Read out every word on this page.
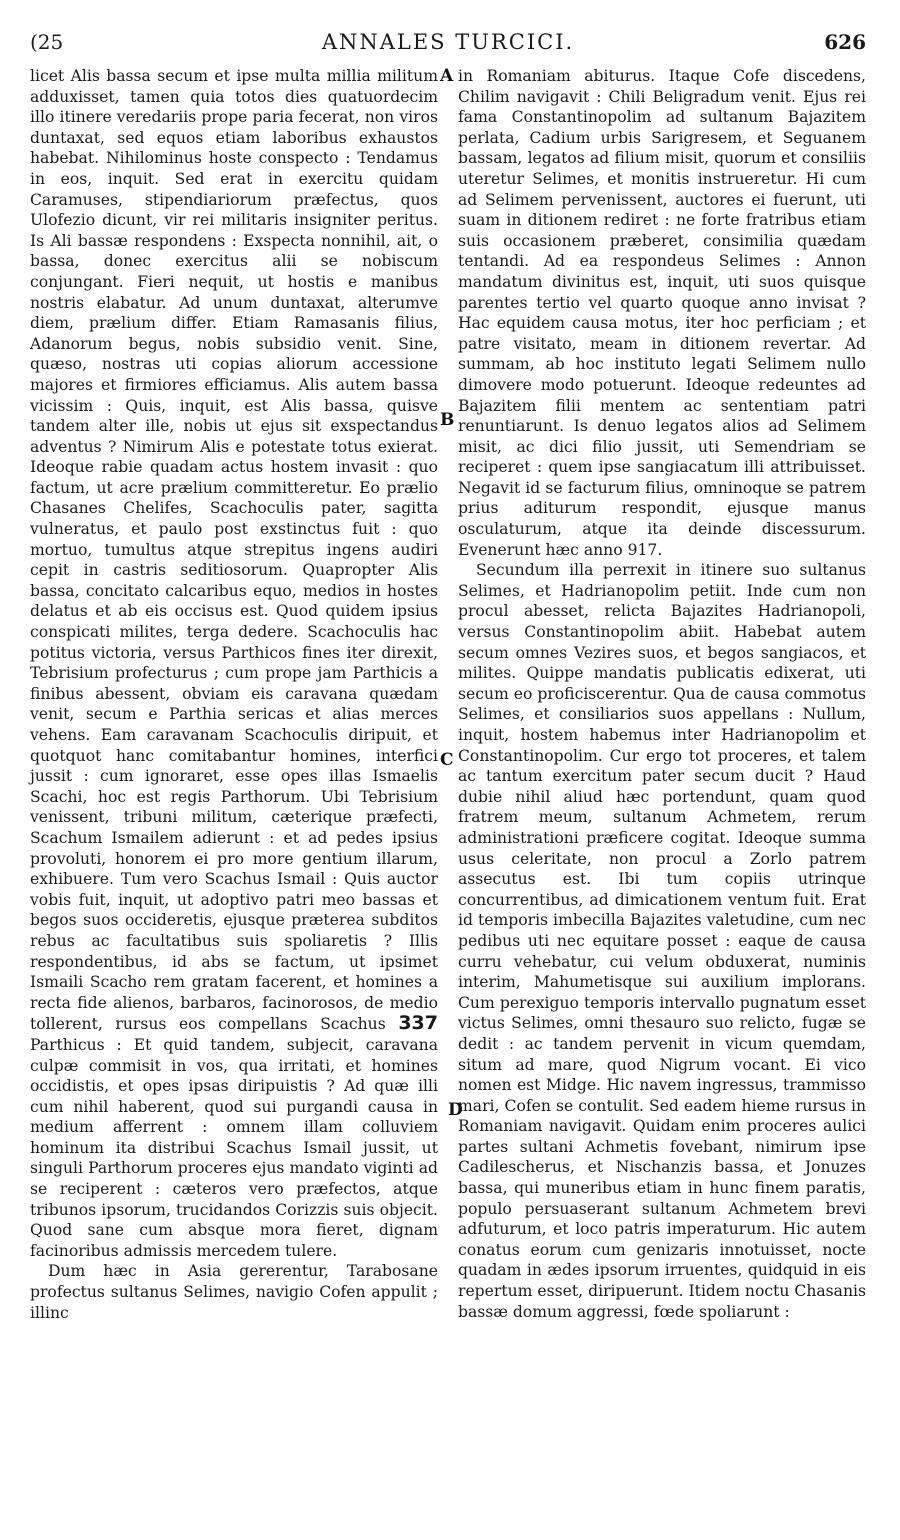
(25	ANNALES TURCICI.	626
A
B
C
D

licet Alis bassa secum et ipse multa millia militum adduxisset, tamen quia totos dies quatuordecim illo itinere veredariis prope paria fecerat, non viros duntaxat, sed equos etiam laboribus exhaustos habebat. Nihilominus hoste conspecto : Tendamus in eos, inquit. Sed erat in exercitu quidam Caramuses, stipendiariorum præfectus, quos Ulofezio dicunt, vir rei militaris insigniter peritus. Is Ali bassæ respondens : Exspecta nonnihil, ait, o bassa, donec exercitus alii se nobiscum conjungant. Fieri nequit, ut hostis e manibus nostris elabatur. Ad unum duntaxat, alterumve diem, prælium differ. Etiam Ramasanis filius, Adanorum begus, nobis subsidio venit. Sine, quæso, nostras uti copias aliorum accessione majores et firmiores efficiamus. Alis autem bassa vicissim : Quis, inquit, est Alis bassa, quisve tandem alter ille, nobis ut ejus sit exspectandus adventus ? Nimirum Alis e potestate totus exierat. Ideoque rabie quadam actus hostem invasit : quo factum, ut acre prælium committeretur. Eo prælio Chasanes Chelifes, Scachoculis pater, sagitta vulneratus, et paulo post exstinctus fuit : quo mortuo, tumultus atque strepitus ingens audiri cepit in castris seditiosorum. Quapropter Alis bassa, concitato calcaribus equo, medios in hostes delatus et ab eis occisus est. Quod quidem ipsius conspicati milites, terga dedere. Scachoculis hac potitus victoria, versus Parthicos fines iter direxit, Tebrisium profecturus ; cum prope jam Parthicis a finibus abessent, obviam eis caravana quædam venit, secum e Parthia sericas et alias merces vehens. Eam caravanam Scachoculis diripuit, et quotquot hanc comitabantur homines, interfici jussit : cum ignoraret, esse opes illas Ismaelis Scachi, hoc est regis Parthorum. Ubi Tebrisium venissent, tribuni militum, cæterique præfecti, Scachum Ismailem adierunt : et ad pedes ipsius provoluti, honorem ei pro more gentium illarum, exhibuere. Tum vero Scachus Ismail : Quis auctor vobis fuit, inquit, ut adoptivo patri meo bassas et begos suos occideretis, ejusque præterea subditos rebus ac facultatibus suis spoliaretis ? Illis respondentibus, id abs se factum, ut ipsimet Ismaili Scacho rem gratam facerent, et homines a recta fide alienos, barbaros, facinorosos, de medio tollerent, rursus eos compellans Scachus 337 Parthicus : Et quid tandem, subjecit, caravana culpæ commisit in vos, qua irritati, et homines occidistis, et opes ipsas diripuistis ? Ad quæ illi cum nihil haberent, quod sui purgandi causa in medium afferrent : omnem illam colluviem hominum ita distribui Scachus Ismail jussit, ut singuli Parthorum proceres ejus mandato viginti ad se reciperent : cæteros vero præfectos, atque tribunos ipsorum, trucidandos Corizzis suis objecit. Quod sane cum absque mora fieret, dignam facinoribus admissis mercedem tulere.

Dum hæc in Asia gererentur, Tarabosane profectus sultanus Selimes, navigio Cofen appulit ; illinc

in Romaniam abiturus. Itaque Cofe discedens, Chilim navigavit : Chili Beligradum venit. Ejus rei fama Constantinopolim ad sultanum Bajazitem perlata, Cadium urbis Sarigresem, et Seguanem bassam, legatos ad filium misit, quorum et consiliis uteretur Selimes, et monitis instrueretur. Hi cum ad Selimem pervenissent, auctores ei fuerunt, uti suam in ditionem rediret : ne forte fratribus etiam suis occasionem præberet, consimilia quædam tentandi. Ad ea respondeus Selimes : Annon mandatum divinitus est, inquit, uti suos quisque parentes tertio vel quarto quoque anno invisat ? Hac equidem causa motus, iter hoc perficiam ; et patre visitato, meam in ditionem revertar. Ad summam, ab hoc instituto legati Selimem nullo dimovere modo potuerunt. Ideoque redeuntes ad Bajazitem filii mentem ac sententiam patri renuntiarunt. Is denuo legatos alios ad Selimem misit, ac dici filio jussit, uti Semendriam se reciperet : quem ipse sangiacatum illi attribuisset. Negavit id se facturum filius, omninoque se patrem prius aditurum respondit, ejusque manus osculaturum, atque ita deinde discessurum. Evenerunt hæc anno 917.

Secundum illa perrexit in itinere suo sultanus Selimes, et Hadrianopolim petiit. Inde cum non procul abesset, relicta Bajazites Hadrianopoli, versus Constantinopolim abiit. Habebat autem secum omnes Vezires suos, et begos sangiacos, et milites. Quippe mandatis publicatis edixerat, uti secum eo proficiscerentur. Qua de causa commotus Selimes, et consiliarios suos appellans : Nullum, inquit, hostem habemus inter Hadrianopolim et Constantinopolim. Cur ergo tot proceres, et talem ac tantum exercitum pater secum ducit ? Haud dubie nihil aliud hæc portendunt, quam quod fratrem meum, sultanum Achmetem, rerum administrationi præficere cogitat. Ideoque summa usus celeritate, non procul a Zorlo patrem assecutus est. Ibi tum copiis utrinque concurrentibus, ad dimicationem ventum fuit. Erat id temporis imbecilla Bajazites valetudine, cum nec pedibus uti nec equitare posset : eaque de causa curru vehebatur, cui velum obduxerat, numinis interim, Mahumetisque sui auxilium implorans. Cum perexiguo temporis intervallo pugnatum esset victus Selimes, omni thesauro suo relicto, fugæ se dedit : ac tandem pervenit in vicum quemdam, situm ad mare, quod Nigrum vocant. Ei vico nomen est Midge. Hic navem ingressus, trammisso mari, Cofen se contulit. Sed eadem hieme rursus in Romaniam navigavit. Quidam enim proceres aulici partes sultani Achmetis fovebant, nimirum ipse Cadilescherus, et Nischanzis bassa, et Jonuzes bassa, qui muneribus etiam in hunc finem paratis, populo persuaserant sultanum Achmetem brevi adfuturum, et loco patris imperaturum. Hic autem conatus eorum cum genizaris innotuisset, nocte quadam in ædes ipsorum irruentes, quidquid in eis repertum esset, diripuerunt. Itidem noctu Chasanis bassæ domum aggressi, fœde spoliarunt :
